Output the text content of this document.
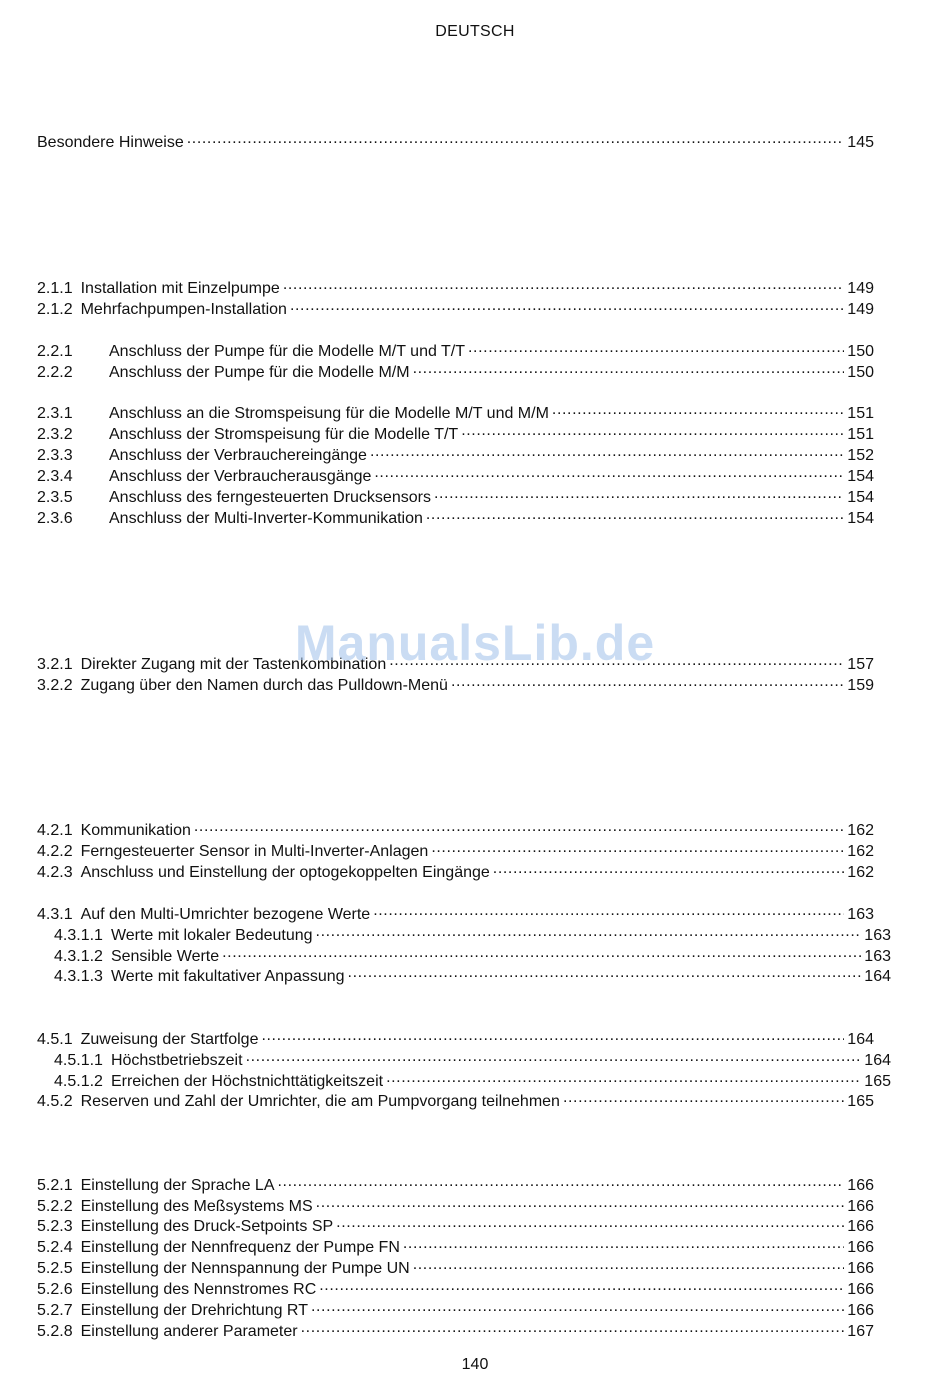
DEUTSCH
Besondere Hinweise .....	145
2.1.1 Installation mit Einzelpumpe .....	149
2.1.2 Mehrfachpumpen-Installation .....	149
2.2.1	Anschluss der Pumpe für die Modelle M/T und T/T .....	150
2.2.2	Anschluss der Pumpe für die Modelle M/M .....	150
2.3.1	Anschluss an die Stromspeisung für die Modelle M/T und M/M .....	151
2.3.2	Anschluss der Stromspeisung für die Modelle T/T .....	151
2.3.3	Anschluss der Verbrauchereingänge .....	152
2.3.4	Anschluss der Verbraucherausgänge .....	154
2.3.5	Anschluss des ferngesteuerten Drucksensors .....	154
2.3.6	Anschluss der Multi-Inverter-Kommunikation .....	154
3.2.1 Direkter Zugang mit der Tastenkombination .....	157
3.2.2 Zugang über den Namen durch das Pulldown-Menü .....	159
4.2.1 Kommunikation .....	162
4.2.2 Ferngesteuerter Sensor in Multi-Inverter-Anlagen .....	162
4.2.3 Anschluss und Einstellung der optogekoppelten Eingänge .....	162
4.3.1 Auf den Multi-Umrichter bezogene Werte .....	163
4.3.1.1 Werte mit lokaler Bedeutung .....	163
4.3.1.2 Sensible Werte .....	163
4.3.1.3 Werte mit fakultativer Anpassung .....	164
4.5.1 Zuweisung der Startfolge .....	164
4.5.1.1 Höchstbetriebszeit .....	164
4.5.1.2 Erreichen der Höchstnichttätigkeitszeit .....	165
4.5.2 Reserven und Zahl der Umrichter, die am Pumpvorgang teilnehmen .....	165
5.2.1 Einstellung der Sprache LA .....	166
5.2.2 Einstellung des Meßsystems MS .....	166
5.2.3 Einstellung des Druck-Setpoints SP .....	166
5.2.4 Einstellung der Nennfrequenz der Pumpe FN .....	166
5.2.5 Einstellung der Nennspannung der Pumpe UN .....	166
5.2.6 Einstellung des Nennstromes RC .....	166
5.2.7 Einstellung der Drehrichtung RT .....	166
5.2.8 Einstellung anderer Parameter .....	167
ManualsLib.de
140
